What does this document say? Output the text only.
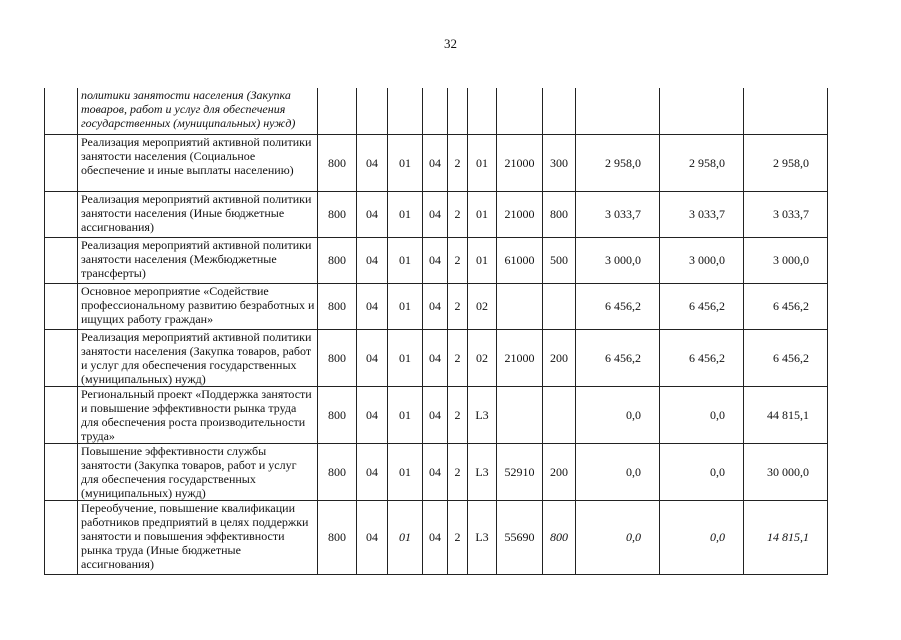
32
	политики занятости населения (Закупка товаров, работ и услуг для обеспечения государственных (муниципальных) нужд)											
	Реализация мероприятий активной политики занятости населения (Социальное обеспечение и иные выплаты населению)	800	04	01	04	2	01	21000	300	2 958,0	2 958,0	2 958,0
	Реализация мероприятий активной политики занятости населения (Иные бюджетные ассигнования)	800	04	01	04	2	01	21000	800	3 033,7	3 033,7	3 033,7
	Реализация мероприятий активной политики занятости населения (Межбюджетные трансферты)	800	04	01	04	2	01	61000	500	3 000,0	3 000,0	3 000,0
	Основное мероприятие «Содействие профессиональному развитию безработных и ищущих работу граждан»	800	04	01	04	2	02			6 456,2	6 456,2	6 456,2
	Реализация мероприятий активной политики занятости населения (Закупка товаров, работ и услуг для обеспечения государственных (муниципальных) нужд)	800	04	01	04	2	02	21000	200	6 456,2	6 456,2	6 456,2
	Региональный проект «Поддержка занятости и повышение эффективности рынка труда для обеспечения роста производительности труда»	800	04	01	04	2	L3			0,0	0,0	44 815,1
	Повышение эффективности службы занятости (Закупка товаров, работ и услуг для обеспечения государственных (муниципальных) нужд)	800	04	01	04	2	L3	52910	200	0,0	0,0	30 000,0
	Переобучение, повышение квалификации работников предприятий в целях поддержки занятости и повышения эффективности рынка труда (Иные бюджетные ассигнования)	800	04	01	04	2	L3	55690	800	0,0	0,0	14 815,1
